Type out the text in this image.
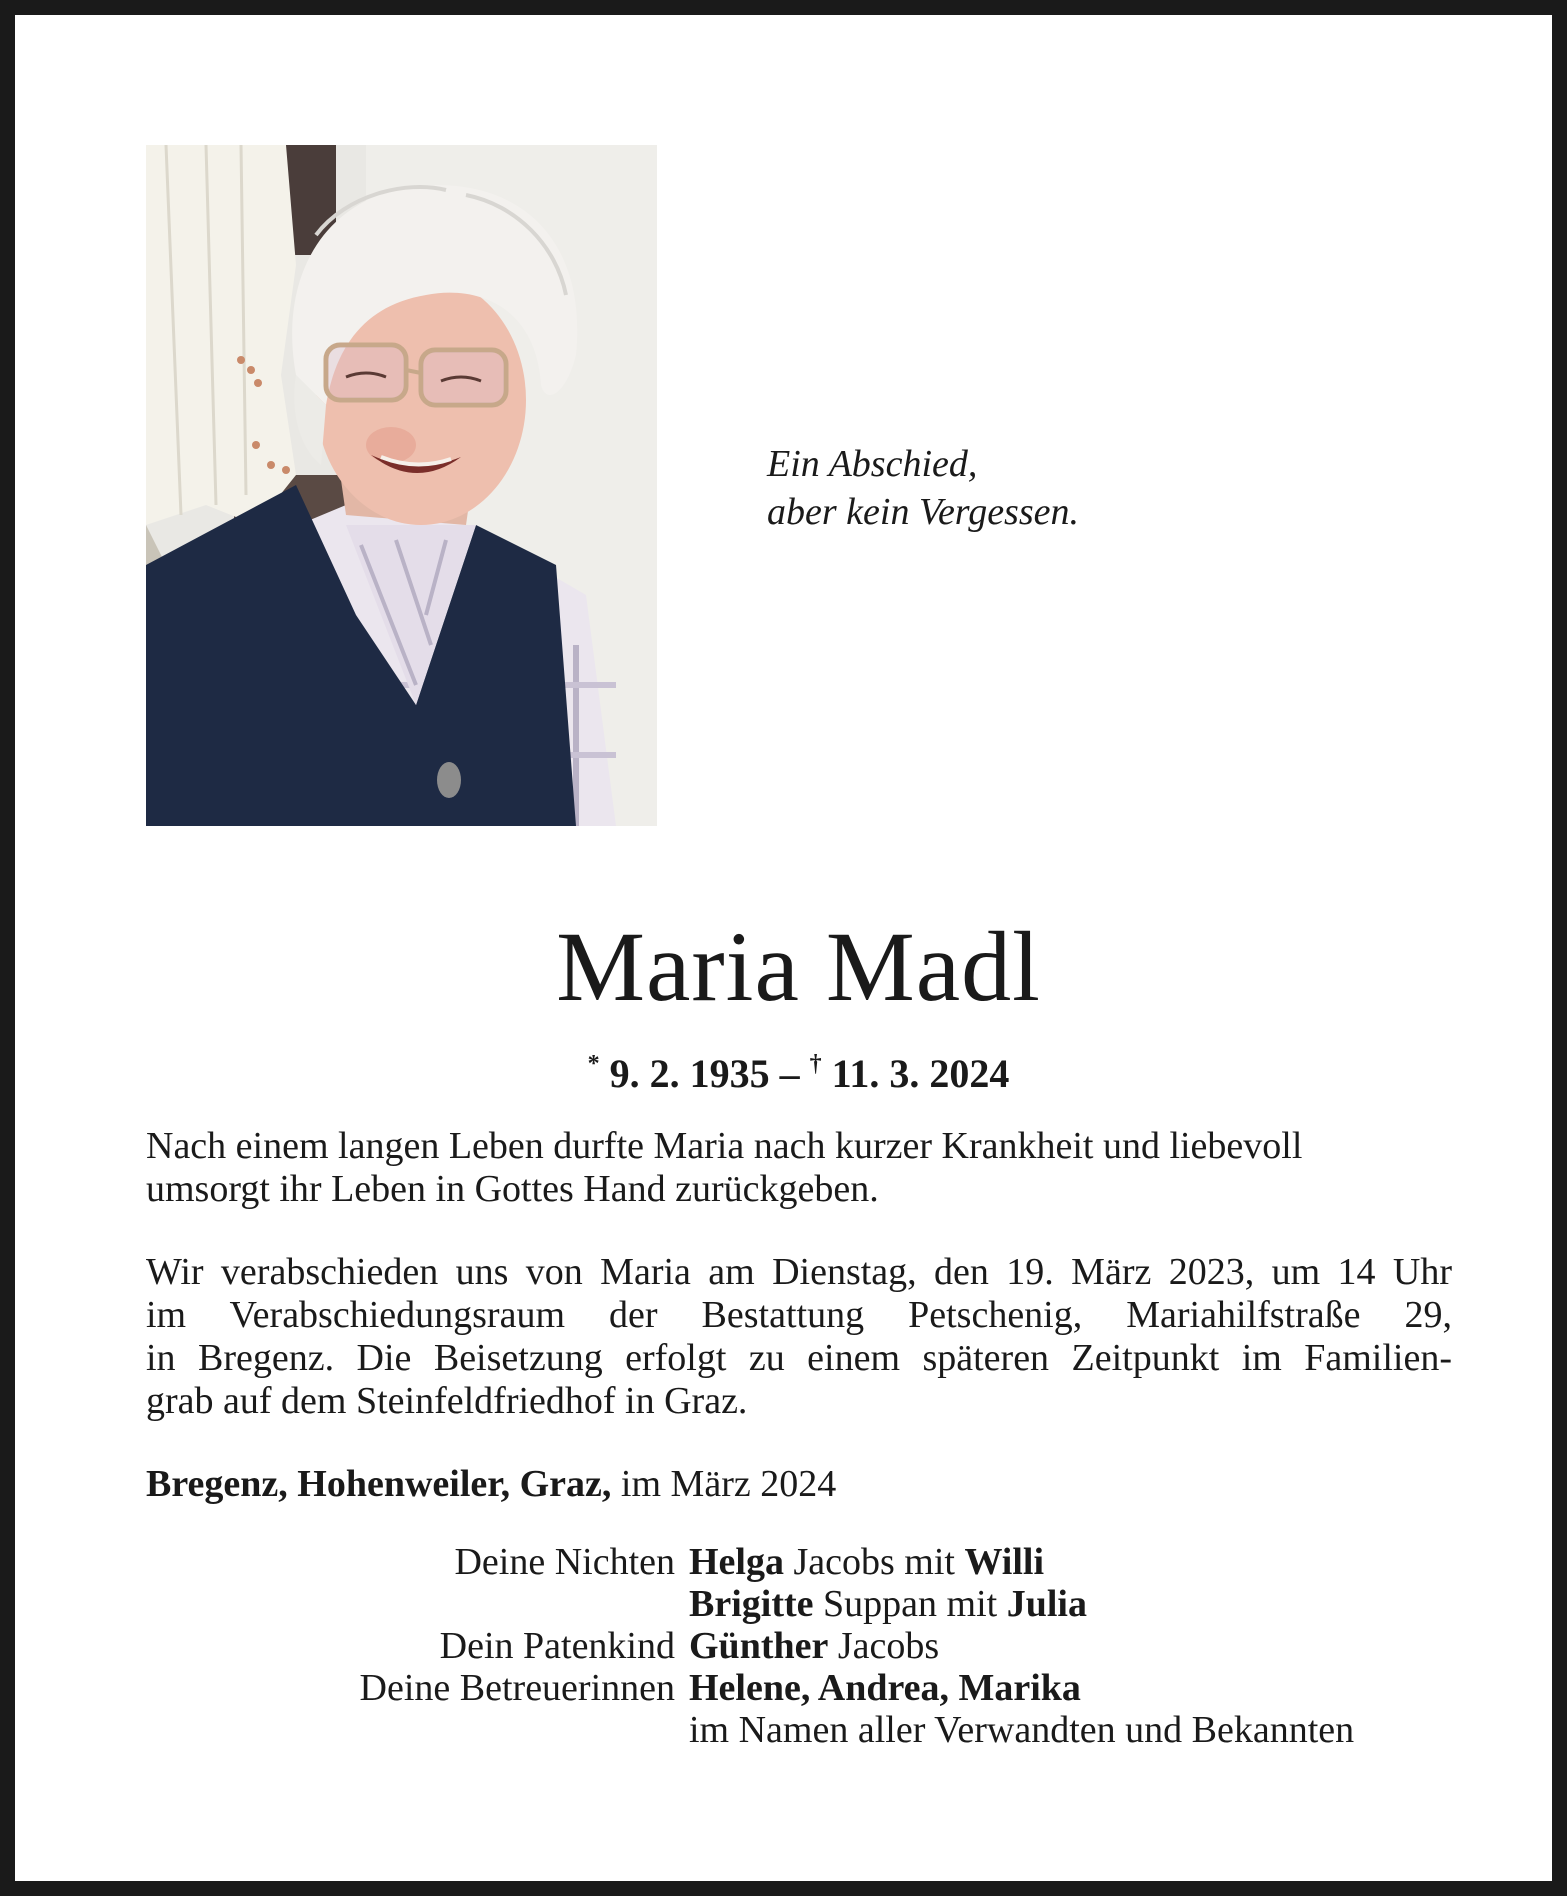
Ein Abschied,
aber kein Vergessen.
Maria Madl
* 9. 2. 1935 – † 11. 3. 2024
Nach einem langen Leben durfte Maria nach kurzer Krankheit und liebevoll
umsorgt ihr Leben in Gottes Hand zurückgeben.
Wir verabschieden uns von Maria am Dienstag, den 19. März 2023, um 14 Uhr
im Verabschiedungsraum der Bestattung Petschenig, Mariahilfstraße 29,
in Bregenz. Die Beisetzung erfolgt zu einem späteren Zeitpunkt im Familien-
grab auf dem Steinfeldfriedhof in Graz.
Bregenz, Hohenweiler, Graz, im März 2024
Deine Nichten Helga Jacobs mit Willi
Brigitte Suppan mit Julia
Dein Patenkind Günther Jacobs
Deine Betreuerinnen Helene, Andrea, Marika
im Namen aller Verwandten und Bekannten
